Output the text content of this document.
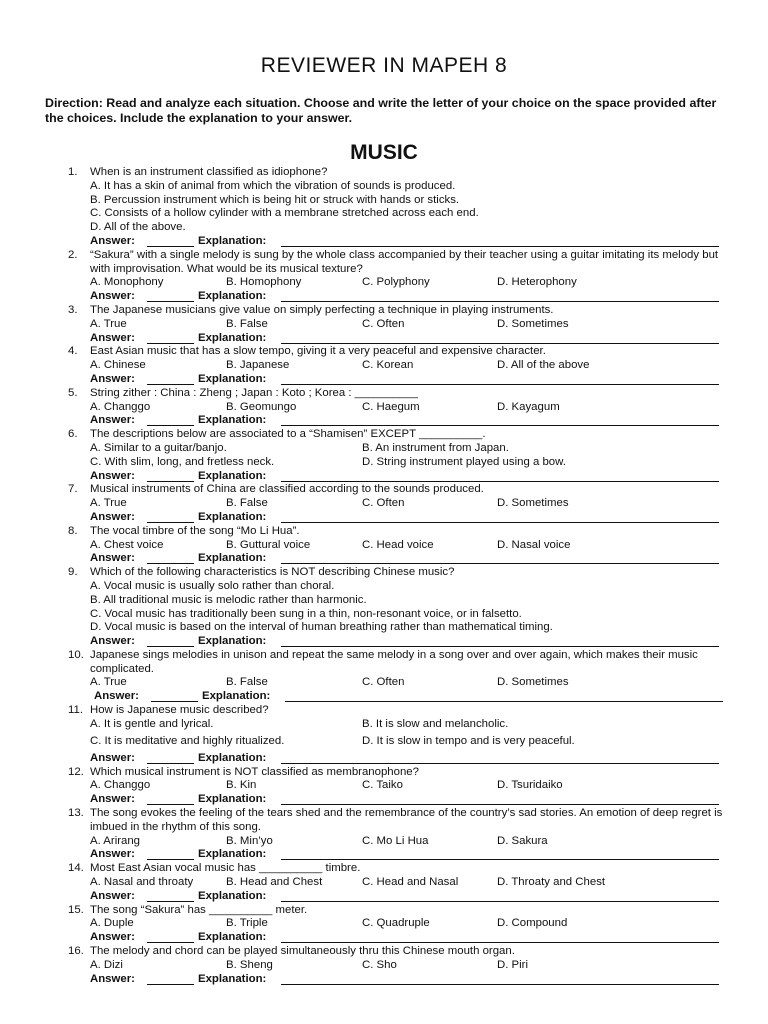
REVIEWER IN MAPEH 8
Direction: Read and analyze each situation. Choose and write the letter of your choice on the space provided after the choices. Include the explanation to your answer.
MUSIC
1. When is an instrument classified as idiophone?
A. It has a skin of animal from which the vibration of sounds is produced.
B. Percussion instrument which is being hit or struck with hands or sticks.
C. Consists of a hollow cylinder with a membrane stretched across each end.
D. All of the above.
Answer:	Explanation:
2. “Sakura” with a single melody is sung by the whole class accompanied by their teacher using a guitar imitating its melody but with improvisation. What would be its musical texture?
A. Monophony	B. Homophony	C. Polyphony	D. Heterophony
Answer:	Explanation:
3. The Japanese musicians give value on simply perfecting a technique in playing instruments.
A. True	B. False	C. Often	D. Sometimes
Answer:	Explanation:
4. East Asian music that has a slow tempo, giving it a very peaceful and expensive character.
A. Chinese	B. Japanese	C. Korean	D. All of the above
Answer:	Explanation:
5. String zither : China : Zheng ; Japan : Koto ; Korea : __________
A. Changgo	B. Geomungo	C. Haegum	D. Kayagum
Answer:	Explanation:
6. The descriptions below are associated to a “Shamisen” EXCEPT __________.
A. Similar to a guitar/banjo.	B. An instrument from Japan.
C. With slim, long, and fretless neck.	D. String instrument played using a bow.
Answer:	Explanation:
7. Musical instruments of China are classified according to the sounds produced.
A. True	B. False	C. Often	D. Sometimes
Answer:	Explanation:
8. The vocal timbre of the song “Mo Li Hua”.
A. Chest voice	B. Guttural voice	C. Head voice	D. Nasal voice
Answer:	Explanation:
9. Which of the following characteristics is NOT describing Chinese music?
A. Vocal music is usually solo rather than choral.
B. All traditional music is melodic rather than harmonic.
C. Vocal music has traditionally been sung in a thin, non-resonant voice, or in falsetto.
D. Vocal music is based on the interval of human breathing rather than mathematical timing.
Answer:	Explanation:
10. Japanese sings melodies in unison and repeat the same melody in a song over and over again, which makes their music complicated.
A. True	B. False	C. Often	D. Sometimes
Answer:	Explanation:
11. How is Japanese music described?
A. It is gentle and lyrical.	B. It is slow and melancholic.
C. It is meditative and highly ritualized.	D. It is slow in tempo and is very peaceful.
Answer:	Explanation:
12. Which musical instrument is NOT classified as membranophone?
A. Changgo	B. Kin	C. Taiko	D. Tsuridaiko
Answer:	Explanation:
13. The song evokes the feeling of the tears shed and the remembrance of the country’s sad stories. An emotion of deep regret is imbued in the rhythm of this song.
A. Arirang	B. Min’yo	C. Mo Li Hua	D. Sakura
Answer:	Explanation:
14. Most East Asian vocal music has __________ timbre.
A. Nasal and throaty	B. Head and Chest	C. Head and Nasal	D. Throaty and Chest
Answer:	Explanation:
15. The song “Sakura” has __________ meter.
A. Duple	B. Triple	C. Quadruple	D. Compound
Answer:	Explanation:
16. The melody and chord can be played simultaneously thru this Chinese mouth organ.
A. Dizi	B. Sheng	C. Sho	D. Piri
Answer:	Explanation:
